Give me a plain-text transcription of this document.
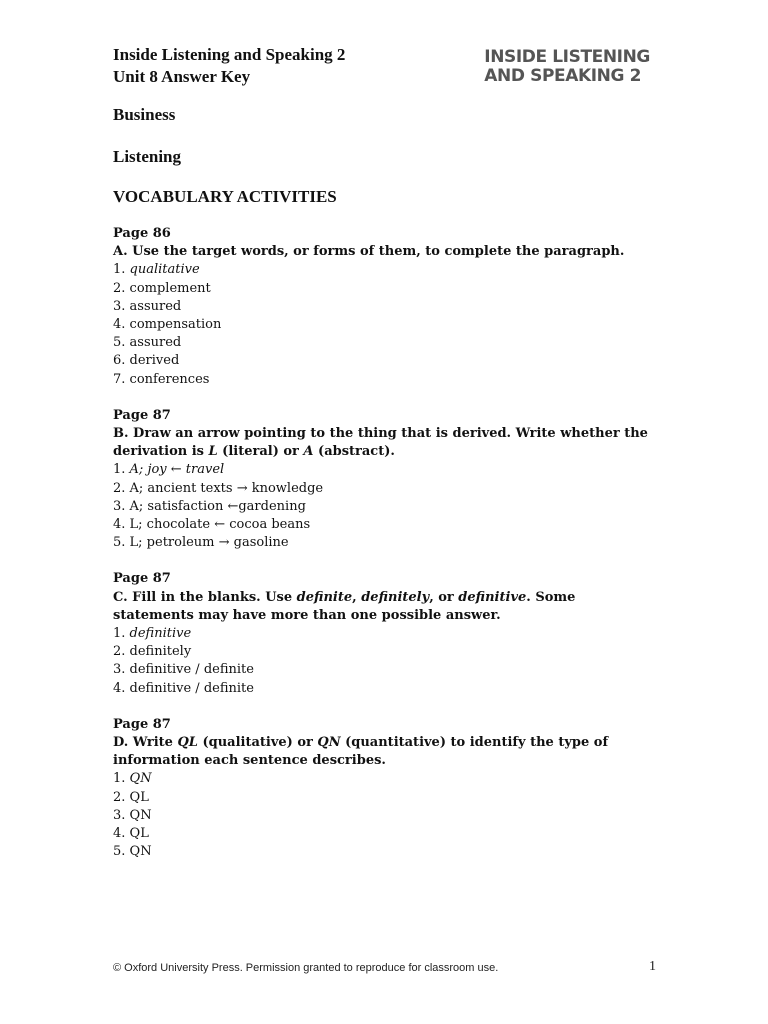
Inside Listening and Speaking 2

Unit 8 Answer Key

INSIDE LISTENING
AND SPEAKING 2

Business

Listening

VOCABULARY ACTIVITIES

Page 86

A. Use the target words, or forms of them, to complete the paragraph.

1. qualitative
2. complement
3. assured
4. compensation
5. assured
6. derived
7. conferences
Page 87

B. Draw an arrow pointing to the thing that is derived. Write whether the derivation is L (literal) or A (abstract).

1. A; joy ← travel
2. A; ancient texts → knowledge
3. A; satisfaction ←gardening
4. L; chocolate ← cocoa beans
5. L; petroleum → gasoline
Page 87

C. Fill in the blanks. Use definite, definitely, or definitive. Some statements may have more than one possible answer.

1. definitive
2. definitely
3. definitive / definite
4. definitive / definite
Page 87

D. Write QL (qualitative) or QN (quantitative) to identify the type of information each sentence describes.

1. QN
2. QL
3. QN
4. QL
5. QN
© Oxford University Press. Permission granted to reproduce for classroom use.	1
